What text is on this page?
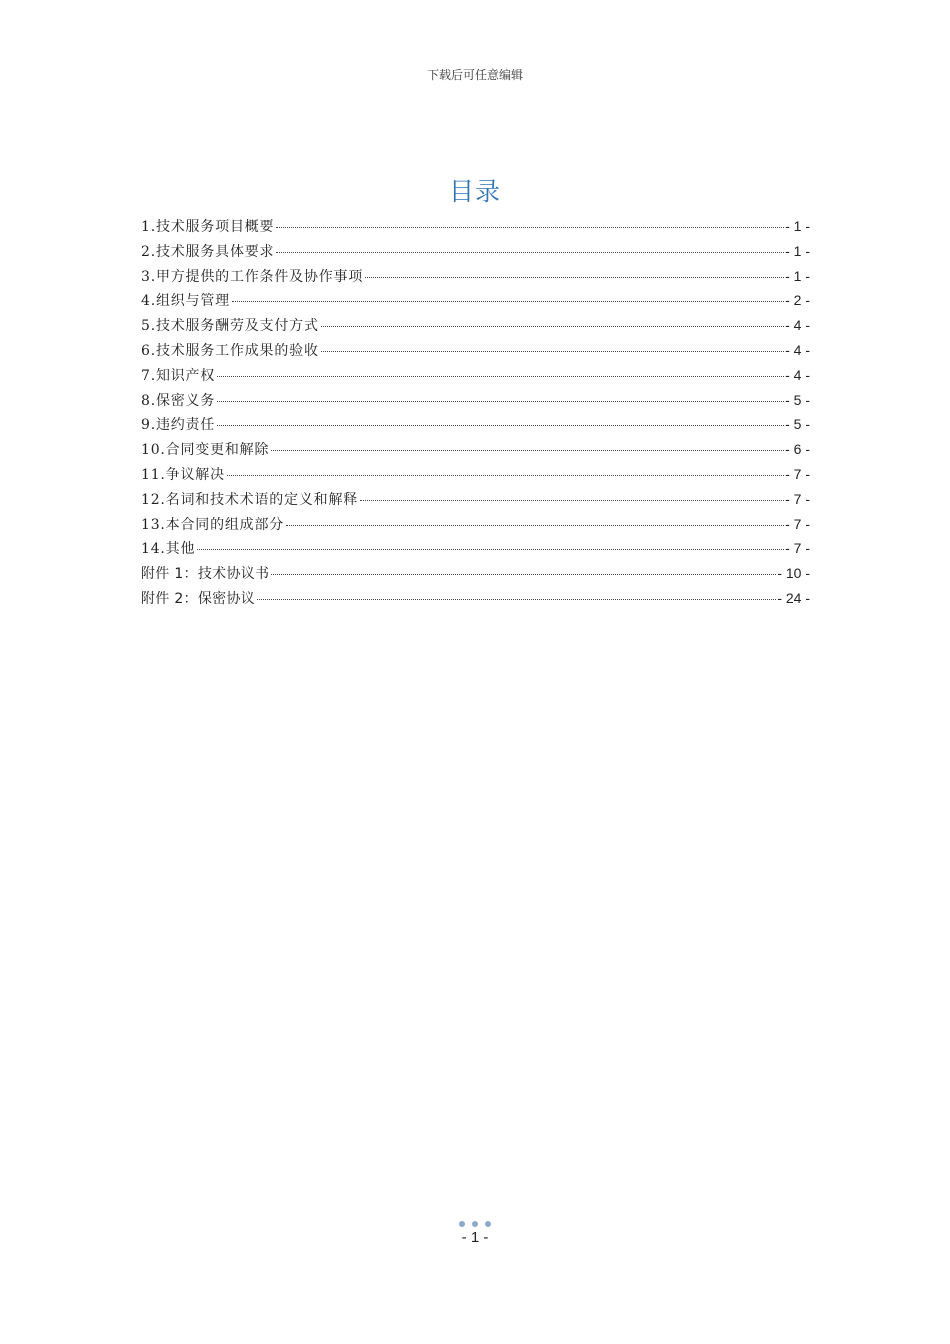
下载后可任意编辑
目录
1.技术服务项目概要	- 1 -
2.技术服务具体要求	- 1 -
3.甲方提供的工作条件及协作事项	- 1 -
4.组织与管理	- 2 -
5.技术服务酬劳及支付方式	- 4 -
6.技术服务工作成果的验收	- 4 -
7.知识产权	- 4 -
8.保密义务	- 5 -
9.违约责任	- 5 -
10.合同变更和解除	- 6 -
11.争议解决	- 7 -
12.名词和技术术语的定义和解释	- 7 -
13.本合同的组成部分	- 7 -
14.其他	- 7 -
附件 1：技术协议书	- 10 -
附件 2：保密协议	- 24 -
- 1 -
